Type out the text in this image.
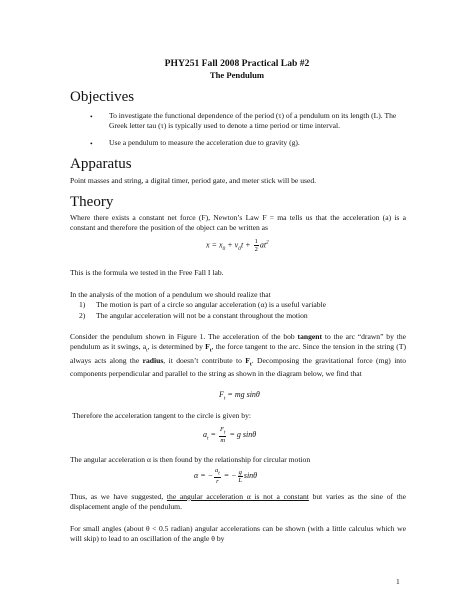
PHY251 Fall 2008 Practical Lab #2
The Pendulum
Objectives
• To investigate the functional dependence of the period (τ) of a pendulum on its length (L). The Greek letter tau (τ) is typically used to denote a time period or time interval.
• Use a pendulum to measure the acceleration due to gravity (g).
Apparatus
Point masses and string, a digital timer, period gate, and meter stick will be used.
Theory
Where there exists a constant net force (F), Newton’s Law F = ma tells us that the acceleration (a) is a constant and therefore the position of the object can be written as
$x = x_0 + v_0t + \frac{1}{2} at^2$
This is the formula we tested in the Free Fall I lab.
In the analysis of the motion of a pendulum we should realize that
1) The motion is part of a circle so angular acceleration (α) is a useful variable
2) The angular acceleration will not be a constant throughout the motion
Consider the pendulum shown in Figure 1. The acceleration of the bob tangent to the arc “drawn” by the pendulum as it swings, $a_t$, is determined by $F_t$, the force tangent to the arc. Since the tension in the string (T) always acts along the radius, it doesn’t contribute to $F_t$. Decomposing the gravitational force (mg) into components perpendicular and parallel to the string as shown in the diagram below, we find that
$F_t$ = mg sinθ
Therefore the acceleration tangent to the circle is given by:
$a_t = \frac{F_t}{m} = g$ sinθ
The angular acceleration α is then found by the relationship for circular motion
α = − $\frac{a_t}{r}$ = − $\frac{g}{L}$ sinθ
Thus, as we have suggested, the angular acceleration α is not a constant but varies as the sine of the displacement angle of the pendulum.
For small angles (about θ < 0.5 radian) angular accelerations can be shown (with a little calculus which we will skip) to lead to an oscillation of the angle θ by
1
